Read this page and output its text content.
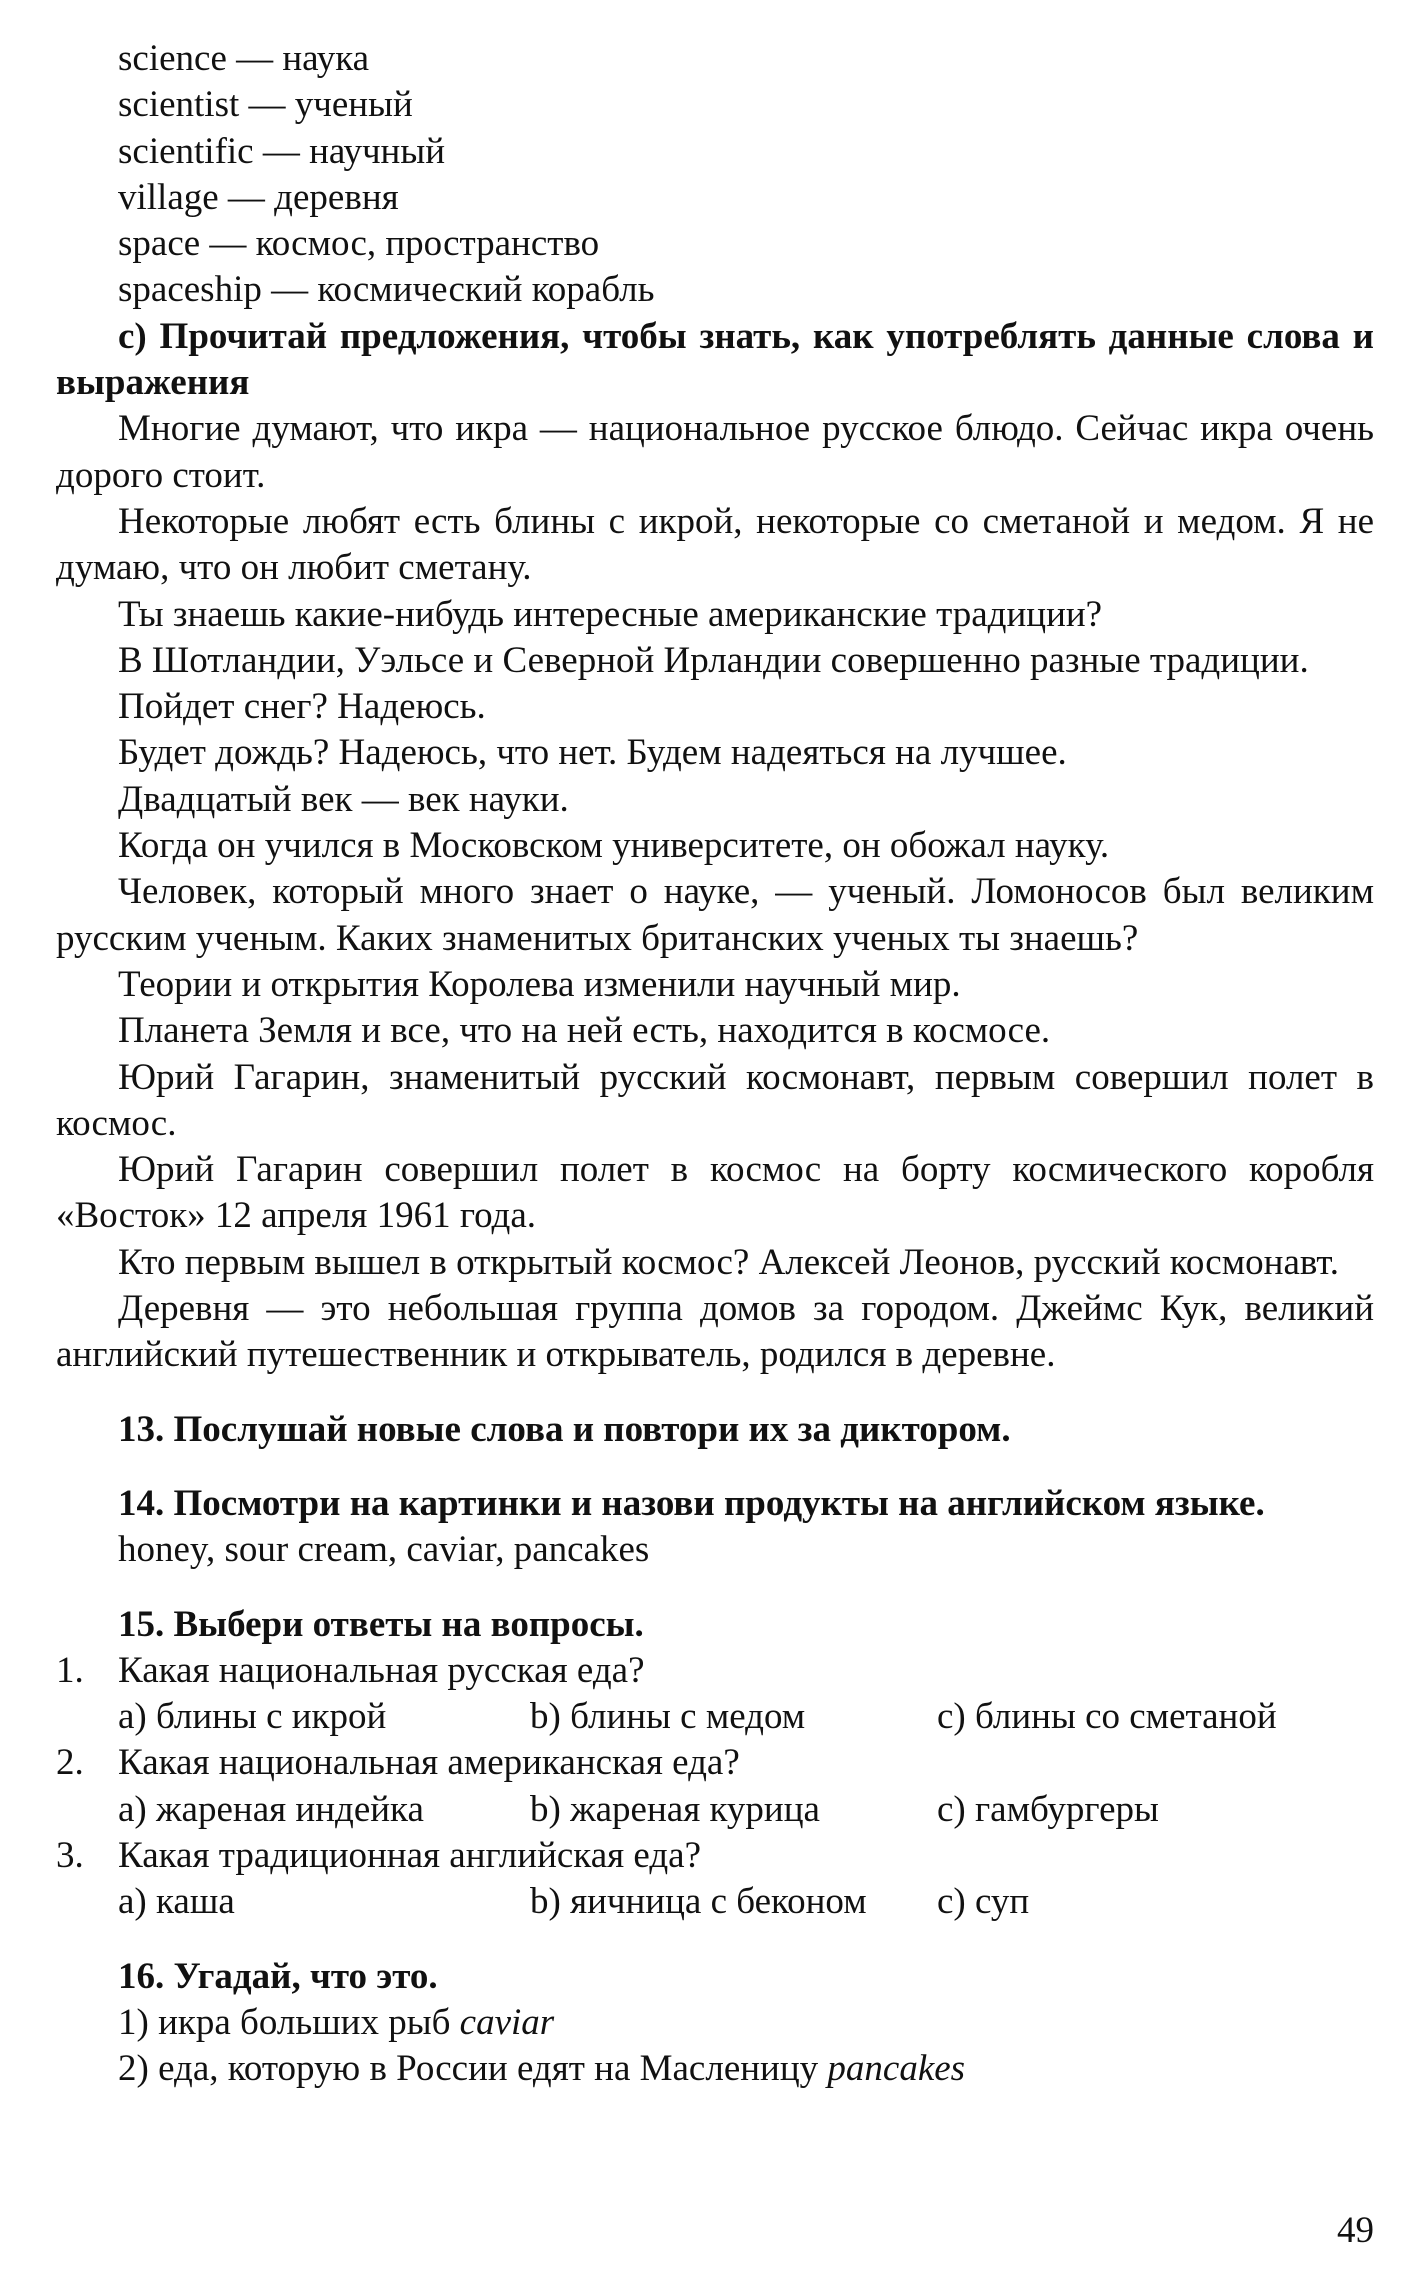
science — наука
scientist — ученый
scientific — научный
village — деревня
space — космос, пространство
spaceship — космический корабль
с) Прочитай предложения, чтобы знать, как употреблять данные слова и выражения
Многие думают, что икра — национальное русское блюдо. Сейчас икра очень дорого стоит.
Некоторые любят есть блины с икрой, некоторые со сметаной и медом. Я не думаю, что он любит сметану.
Ты знаешь какие-нибудь интересные американские традиции?
В Шотландии, Уэльсе и Северной Ирландии совершенно разные традиции.
Пойдет снег? Надеюсь.
Будет дождь? Надеюсь, что нет. Будем надеяться на лучшее.
Двадцатый век — век науки.
Когда он учился в Московском университете, он обожал науку.
Человек, который много знает о науке, — ученый. Ломоносов был великим русским ученым. Каких знаменитых британских ученых ты знаешь?
Теории и открытия Королева изменили научный мир.
Планета Земля и все, что на ней есть, находится в космосе.
Юрий Гагарин, знаменитый русский космонавт, первым совершил полет в космос.
Юрий Гагарин совершил полет в космос на борту космического коробля «Восток» 12 апреля 1961 года.
Кто первым вышел в открытый космос? Алексей Леонов, русский космонавт.
Деревня — это небольшая группа домов за городом. Джеймс Кук, великий английский путешественник и открыватель, родился в деревне.
13. Послушай новые слова и повтори их за диктором.
14. Посмотри на картинки и назови продукты на английском языке.
honey, sour cream, caviar, pancakes
15. Выбери ответы на вопросы.
1. Какая национальная русская еда?
а) блины с икрой	b) блины с медом	с) блины со сметаной
2. Какая национальная американская еда?
а) жареная индейка	b) жареная курица	с) гамбургеры
3. Какая традиционная английская еда?
а) каша	b) яичница с беконом	с) суп
16. Угадай, что это.
1) икра больших рыб caviar
2) еда, которую в России едят на Масленицу pancakes
49
